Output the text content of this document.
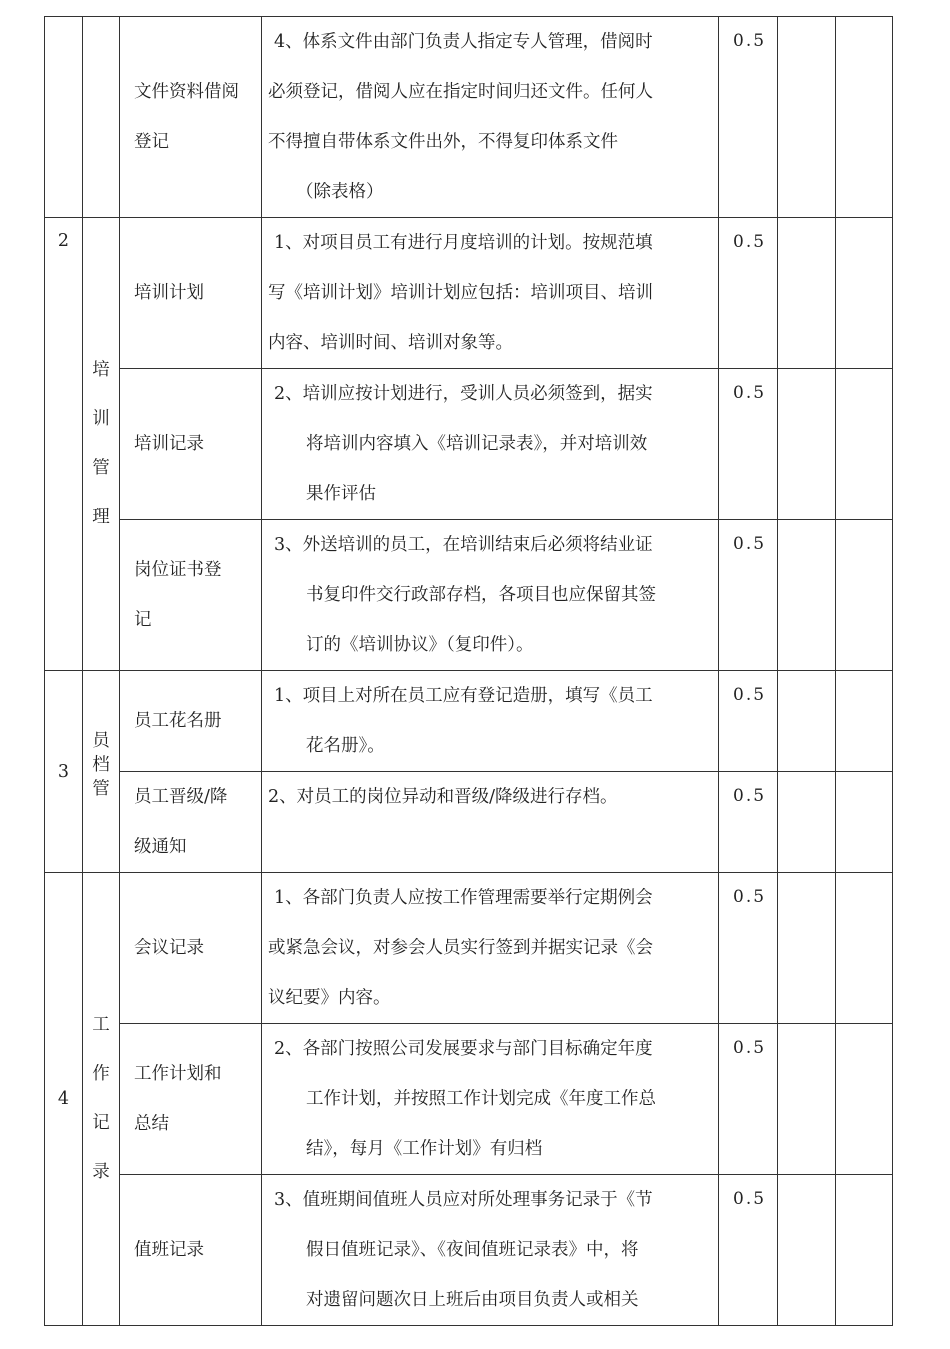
		文件资料借阅登记	4、体系文件由部门负责人指定专人管理，借阅时
必须登记，借阅人应在指定时间归还文件。任何人
不得擅自带体系文件出外，不得复印体系文件
（除表格）	0.5		
2	培训管理	培训计划	1、对项目员工有进行月度培训的计划。按规范填
写《培训计划》培训计划应包括：培训项目、培训
内容、培训时间、培训对象等。	0.5		

		培训记录	2、培训应按计划进行，受训人员必须签到，据实
将培训内容填入《培训记录表》，并对培训效
果作评估	0.5		

		岗位证书登
记	3、外送培训的员工，在培训结束后必须将结业证
书复印件交行政部存档，各项目也应保留其签
订的《培训协议》（复印件）。	0.5		
3	员档管	员工花名册	1、项目上对所在员工应有登记造册，填写《员工
花名册》。	0.5		

		员工晋级/降
级通知	2、对员工的岗位异动和晋级/降级进行存档。	0.5		
4	工作记录	会议记录	1、各部门负责人应按工作管理需要举行定期例会
或紧急会议，对参会人员实行签到并据实记录《会
议纪要》内容。	0.5		

		工作计划和
总结	2、各部门按照公司发展要求与部门目标确定年度
工作计划，并按照工作计划完成《年度工作总
结》，每月《工作计划》有归档	0.5		

		值班记录	3、值班期间值班人员应对所处理事务记录于《节
假日值班记录》、《夜间值班记录表》中，将
对遗留问题次日上班后由项目负责人或相关	0.5		
